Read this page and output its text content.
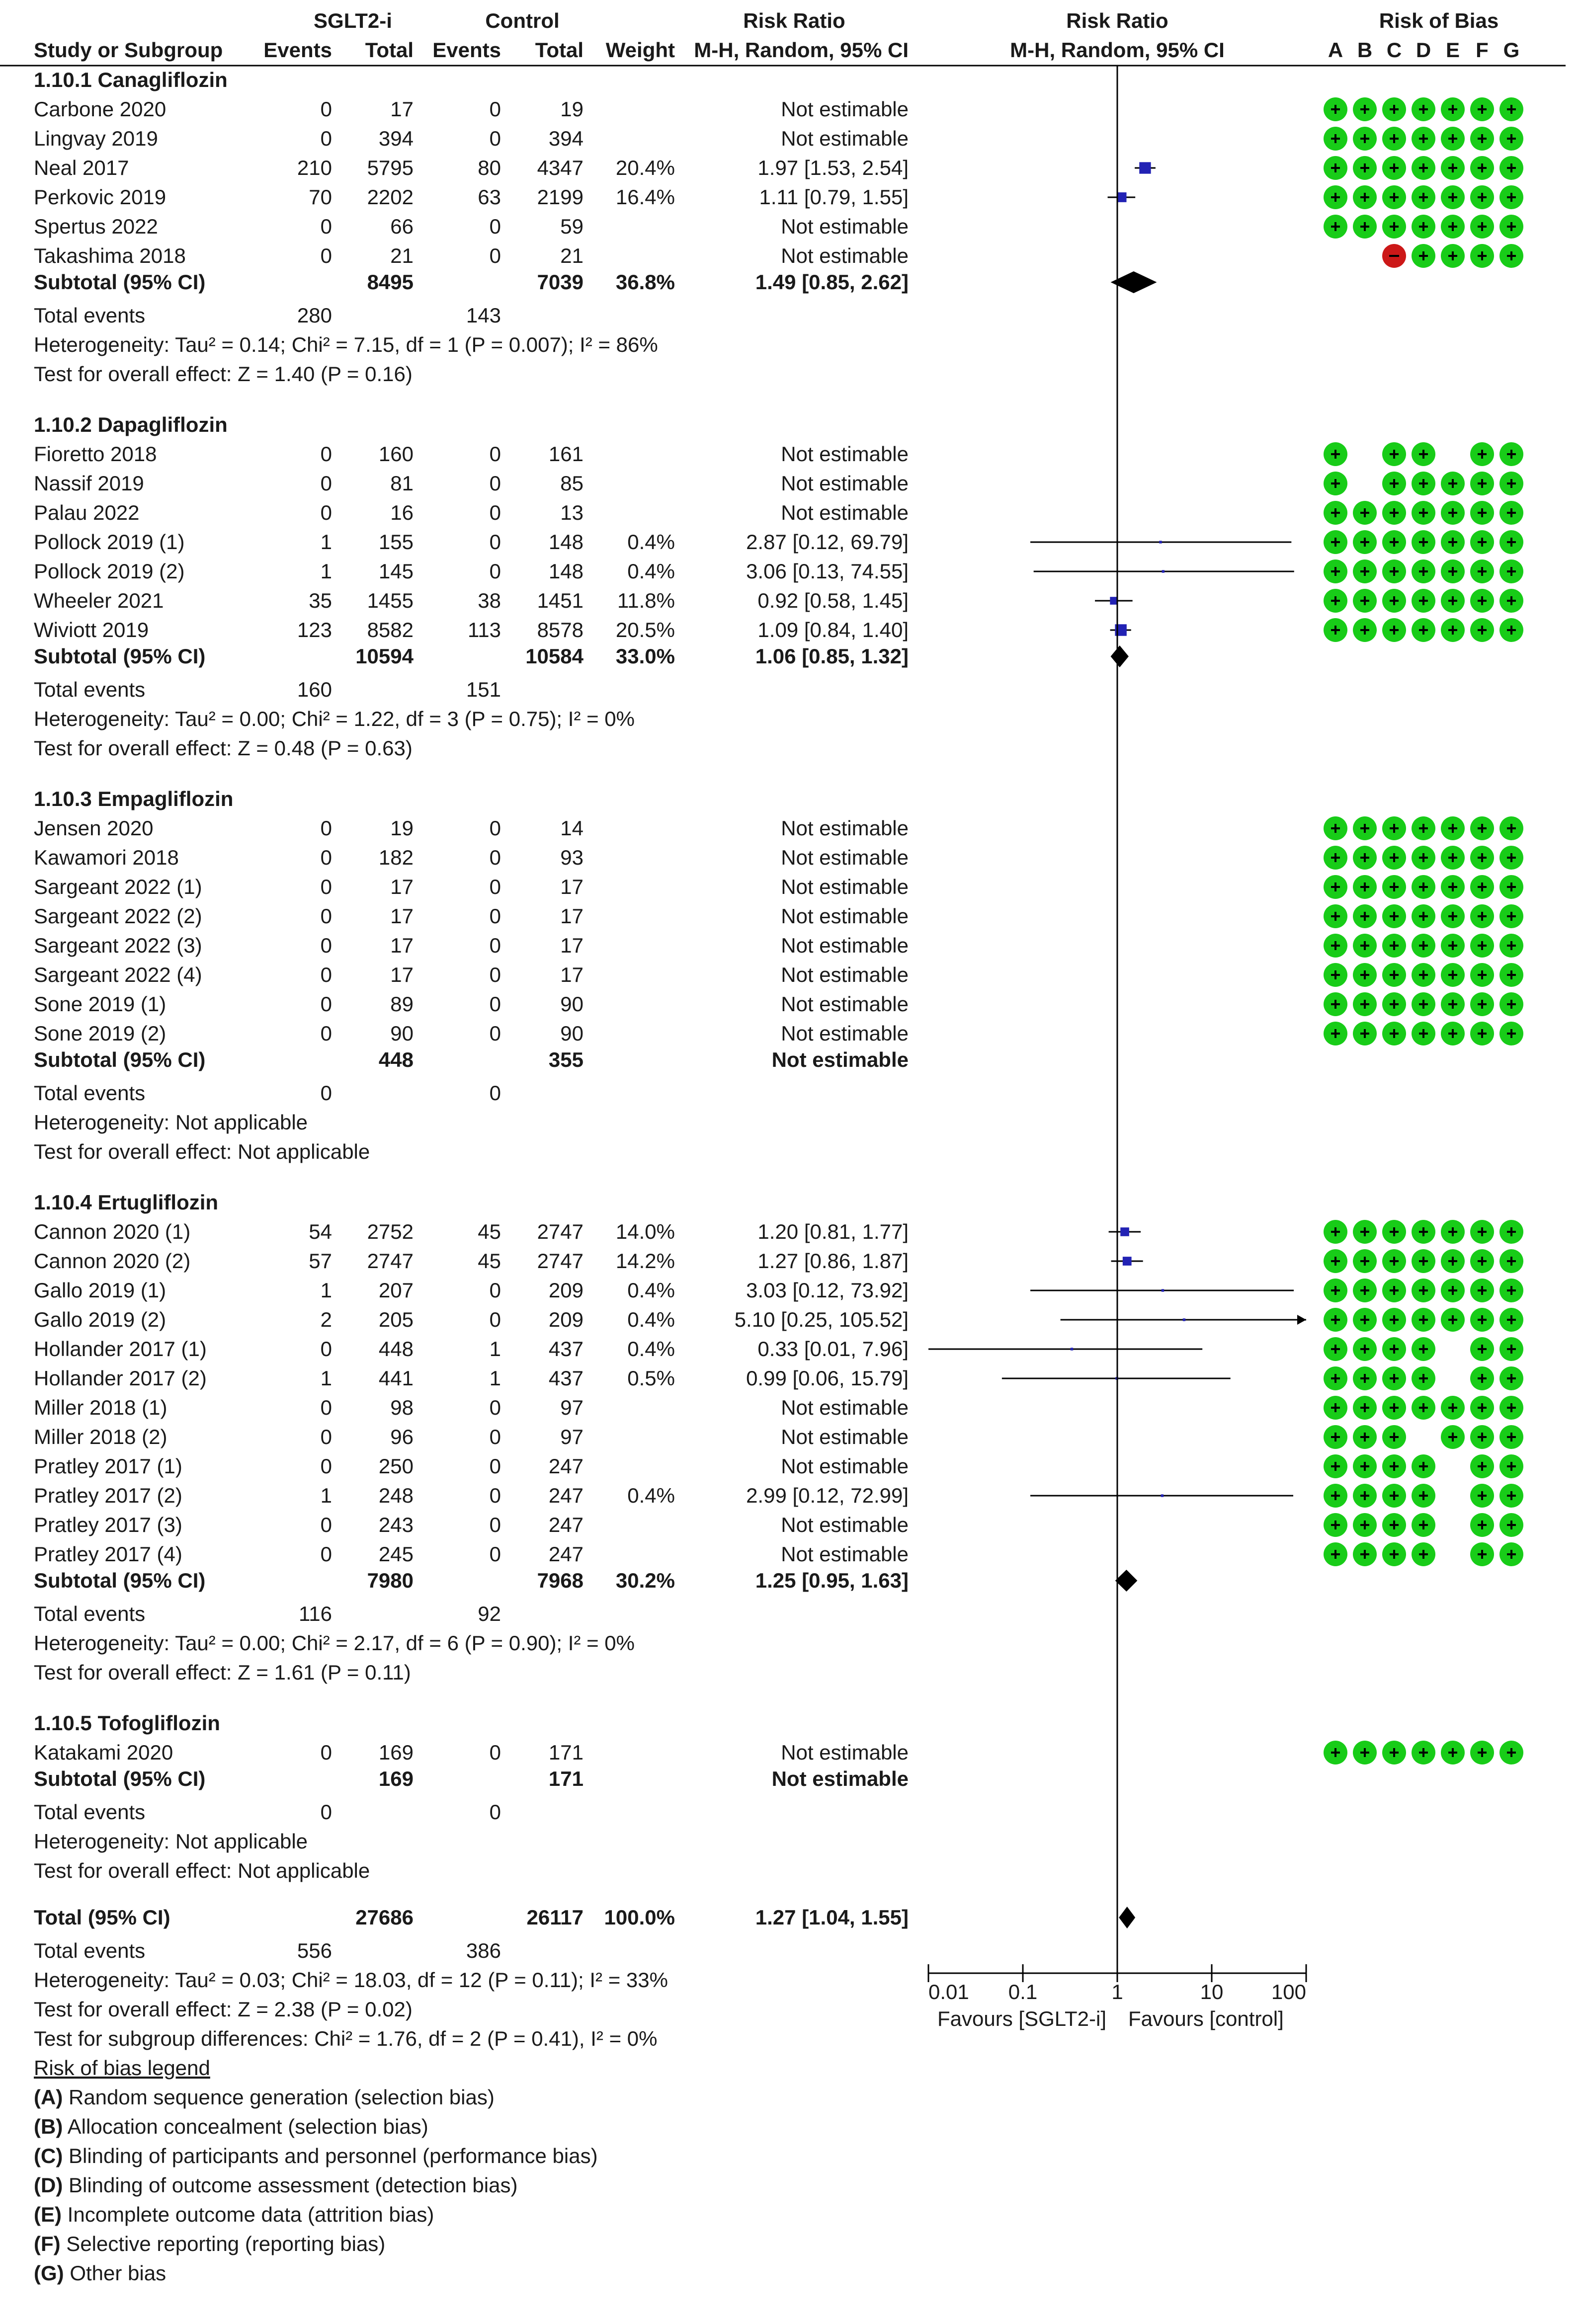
SGLT2-i	Control	Risk Ratio	Risk Ratio	Risk of Bias
Study or Subgroup Events Total Events Total Weight M-H, Random, 95% CI	M-H, Random, 95% CI	A B C D E F G
1.10.1 Canagliflozin
Carbone 2020	0	17	0	19	Not estimable
Lingvay 2019	0 394	0 394	Not estimable
Neal 2017	210 5795	80 4347 20.4%	1.97 [1.53, 2.54]
Perkovic 2019	70 2202	63 2199 16.4%	1.11 [0.79, 1.55]
Spertus 2022	0	66	0	59	Not estimable
Takashima 2018	0	21	0	21	Not estimable
Subtotal (95% CI)	8495	7039 36.8%	1.49 [0.85, 2.62]
Total events	280	143
Heterogeneity: Tau² = 0.14; Chi² = 7.15, df = 1 (P = 0.007); I² = 86%
Test for overall effect: Z = 1.40 (P = 0.16)
1.10.2 Dapagliflozin
Fioretto 2018	0 160	0 161	Not estimable
Nassif 2019	0	81	0	85	Not estimable
Palau 2022	0	16	0	13	Not estimable
Pollock 2019 (1)	1 155	0 148 0.4%	2.87 [0.12, 69.79]
Pollock 2019 (2)	1 145	0 148 0.4%	3.06 [0.13, 74.55]
Wheeler 2021	35 1455	38 1451 11.8%	0.92 [0.58, 1.45]
Wiviott 2019	123 8582	113 8578 20.5%	1.09 [0.84, 1.40]
Subtotal (95% CI)	10594	10584 33.0%	1.06 [0.85, 1.32]
Total events	160	151
Heterogeneity: Tau² = 0.00; Chi² = 1.22, df = 3 (P = 0.75); I² = 0%
Test for overall effect: Z = 0.48 (P = 0.63)
1.10.3 Empagliflozin
Jensen 2020	0	19	0	14	Not estimable
Kawamori 2018	0 182	0	93	Not estimable
Sargeant 2022 (1)	0	17	0	17	Not estimable
Sargeant 2022 (2)	0	17	0	17	Not estimable
Sargeant 2022 (3)	0	17	0	17	Not estimable
Sargeant 2022 (4)	0	17	0	17	Not estimable
Sone 2019 (1)	0	89	0	90	Not estimable
Sone 2019 (2)	0	90	0	90	Not estimable
Subtotal (95% CI)	448	355	Not estimable
Total events	0	0
Heterogeneity: Not applicable
Test for overall effect: Not applicable
1.10.4 Ertugliflozin
Cannon 2020 (1)	54 2752	45 2747 14.0%	1.20 [0.81, 1.77]
Cannon 2020 (2)	57 2747	45 2747 14.2%	1.27 [0.86, 1.87]
Gallo 2019 (1)	1 207	0 209 0.4%	3.03 [0.12, 73.92]
Gallo 2019 (2)	2 205	0 209 0.4%	5.10 [0.25, 105.52]
Hollander 2017 (1)	0 448	1 437 0.4%	0.33 [0.01, 7.96]
Hollander 2017 (2)	1 441	1 437 0.5%	0.99 [0.06, 15.79]
Miller 2018 (1)	0	98	0	97	Not estimable
Miller 2018 (2)	0	96	0	97	Not estimable
Pratley 2017 (1)	0 250	0 247	Not estimable
Pratley 2017 (2)	1 248	0 247 0.4%	2.99 [0.12, 72.99]
Pratley 2017 (3)	0 243	0 247	Not estimable
Pratley 2017 (4)	0 245	0 247	Not estimable
Subtotal (95% CI)	7980	7968 30.2%	1.25 [0.95, 1.63]
Total events	116	92
Heterogeneity: Tau² = 0.00; Chi² = 2.17, df = 6 (P = 0.90); I² = 0%
Test for overall effect: Z = 1.61 (P = 0.11)
1.10.5 Tofogliflozin
Katakami 2020	0 169	0 171	Not estimable
Subtotal (95% CI)	169	171	Not estimable
Total events	0	0
Heterogeneity: Not applicable
Test for overall effect: Not applicable
Total (95% CI)	27686	26117 100.0%	1.27 [1.04, 1.55]
Total events	556	386
Heterogeneity: Tau² = 0.03; Chi² = 18.03, df = 12 (P = 0.11); I² = 33%
Test for overall effect: Z = 2.38 (P = 0.02)
Test for subgroup differences: Chi² = 1.76, df = 2 (P = 0.41), I² = 0%
0.01 0.1	1	10 100
Favours [SGLT2-i] Favours [control]
Risk of bias legend
(A) Random sequence generation (selection bias)
(B) Allocation concealment (selection bias)
(C) Blinding of participants and personnel (performance bias)
(D) Blinding of outcome assessment (detection bias)
(E) Incomplete outcome data (attrition bias)
(F) Selective reporting (reporting bias)
(G) Other bias
